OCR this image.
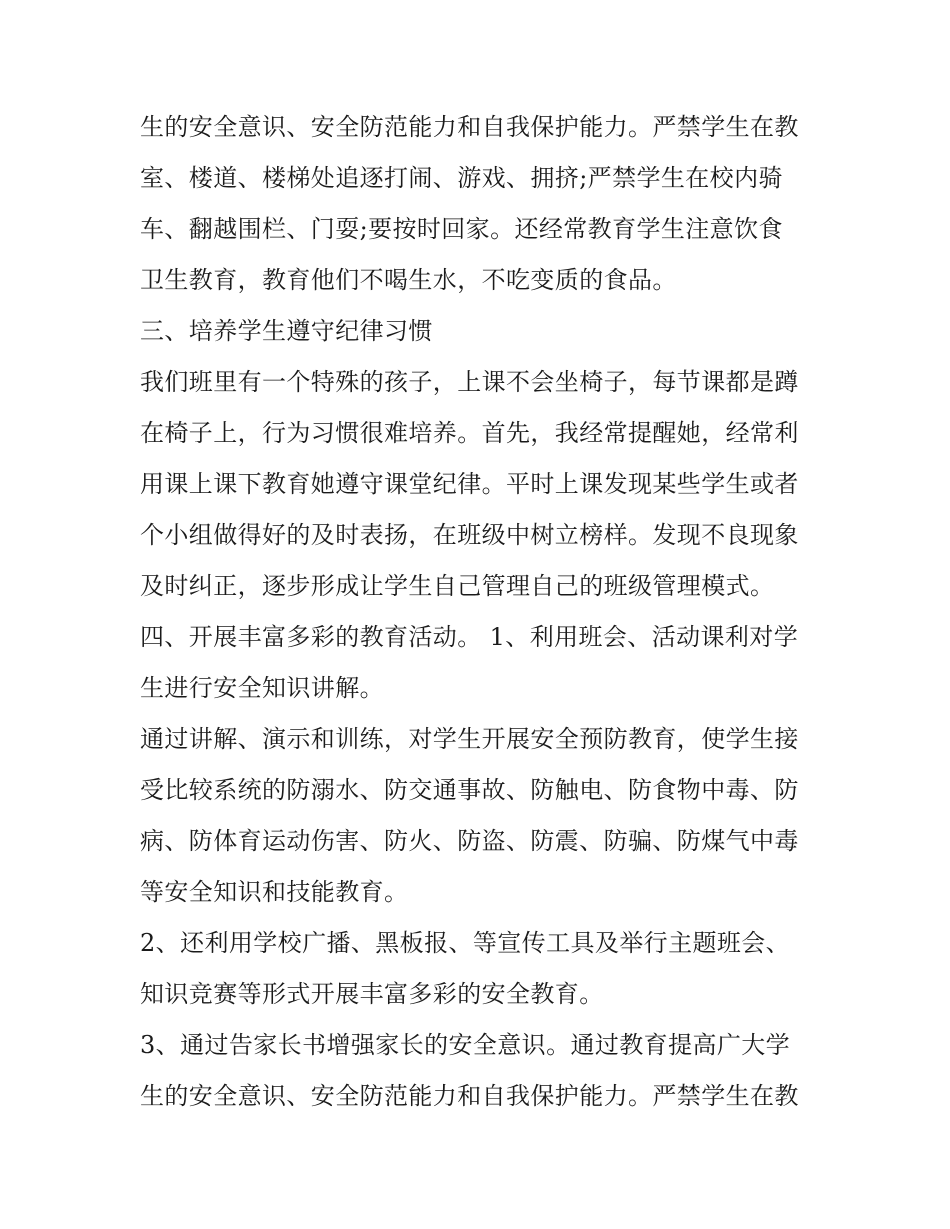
生的安全意识、安全防范能力和自我保护能力。严禁学生在教

室、楼道、楼梯处追逐打闹、游戏、拥挤;严禁学生在校内骑

车、翻越围栏、门耍;要按时回家。还经常教育学生注意饮食

卫生教育，教育他们不喝生水，不吃变质的食品。

三、培养学生遵守纪律习惯

我们班里有一个特殊的孩子，上课不会坐椅子，每节课都是蹲

在椅子上，行为习惯很难培养。首先，我经常提醒她，经常利

用课上课下教育她遵守课堂纪律。平时上课发现某些学生或者

个小组做得好的及时表扬，在班级中树立榜样。发现不良现象

及时纠正，逐步形成让学生自己管理自己的班级管理模式。

四、开展丰富多彩的教育活动。 1、利用班会、活动课利对学

生进行安全知识讲解。

通过讲解、演示和训练，对学生开展安全预防教育，使学生接

受比较系统的防溺水、防交通事故、防触电、防食物中毒、防

病、防体育运动伤害、防火、防盗、防震、防骗、防煤气中毒

等安全知识和技能教育。

2、还利用学校广播、黑板报、等宣传工具及举行主题班会、

知识竞赛等形式开展丰富多彩的安全教育。

3、通过告家长书增强家长的安全意识。通过教育提高广大学

生的安全意识、安全防范能力和自我保护能力。严禁学生在教
